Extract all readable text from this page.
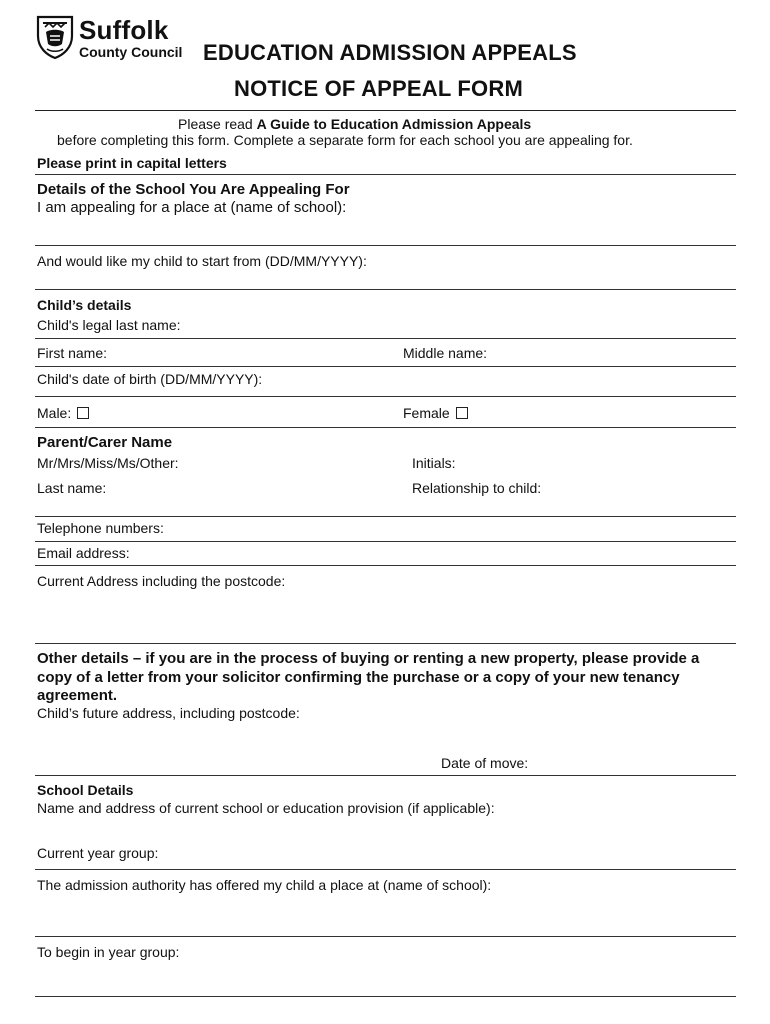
Suffolk
County Council EDUCATION ADMISSION APPEALS
NOTICE OF APPEAL FORM
Please read A Guide to Education Admission Appeals
before completing this form. Complete a separate form for each school you are appealing for.
Please print in capital letters
Details of the School You Are Appealing For
I am appealing for a place at (name of school):
And would like my child to start from (DD/MM/YYYY):
Child’s details
Child's legal last name:
First name:	Middle name:
Child's date of birth (DD/MM/YYYY):
Male:	Female
Parent/Carer Name
Mr/Mrs/Miss/Ms/Other:	Initials:
Last name:	Relationship to child:
Telephone numbers:
Email address:
Current Address including the postcode:
Other details – if you are in the process of buying or renting a new property, please provide a copy of a letter from your solicitor confirming the purchase or a copy of your new tenancy agreement.
Child’s future address, including postcode:
Date of move:
School Details
Name and address of current school or education provision (if applicable):
Current year group:
The admission authority has offered my child a place at (name of school):
To begin in year group:
